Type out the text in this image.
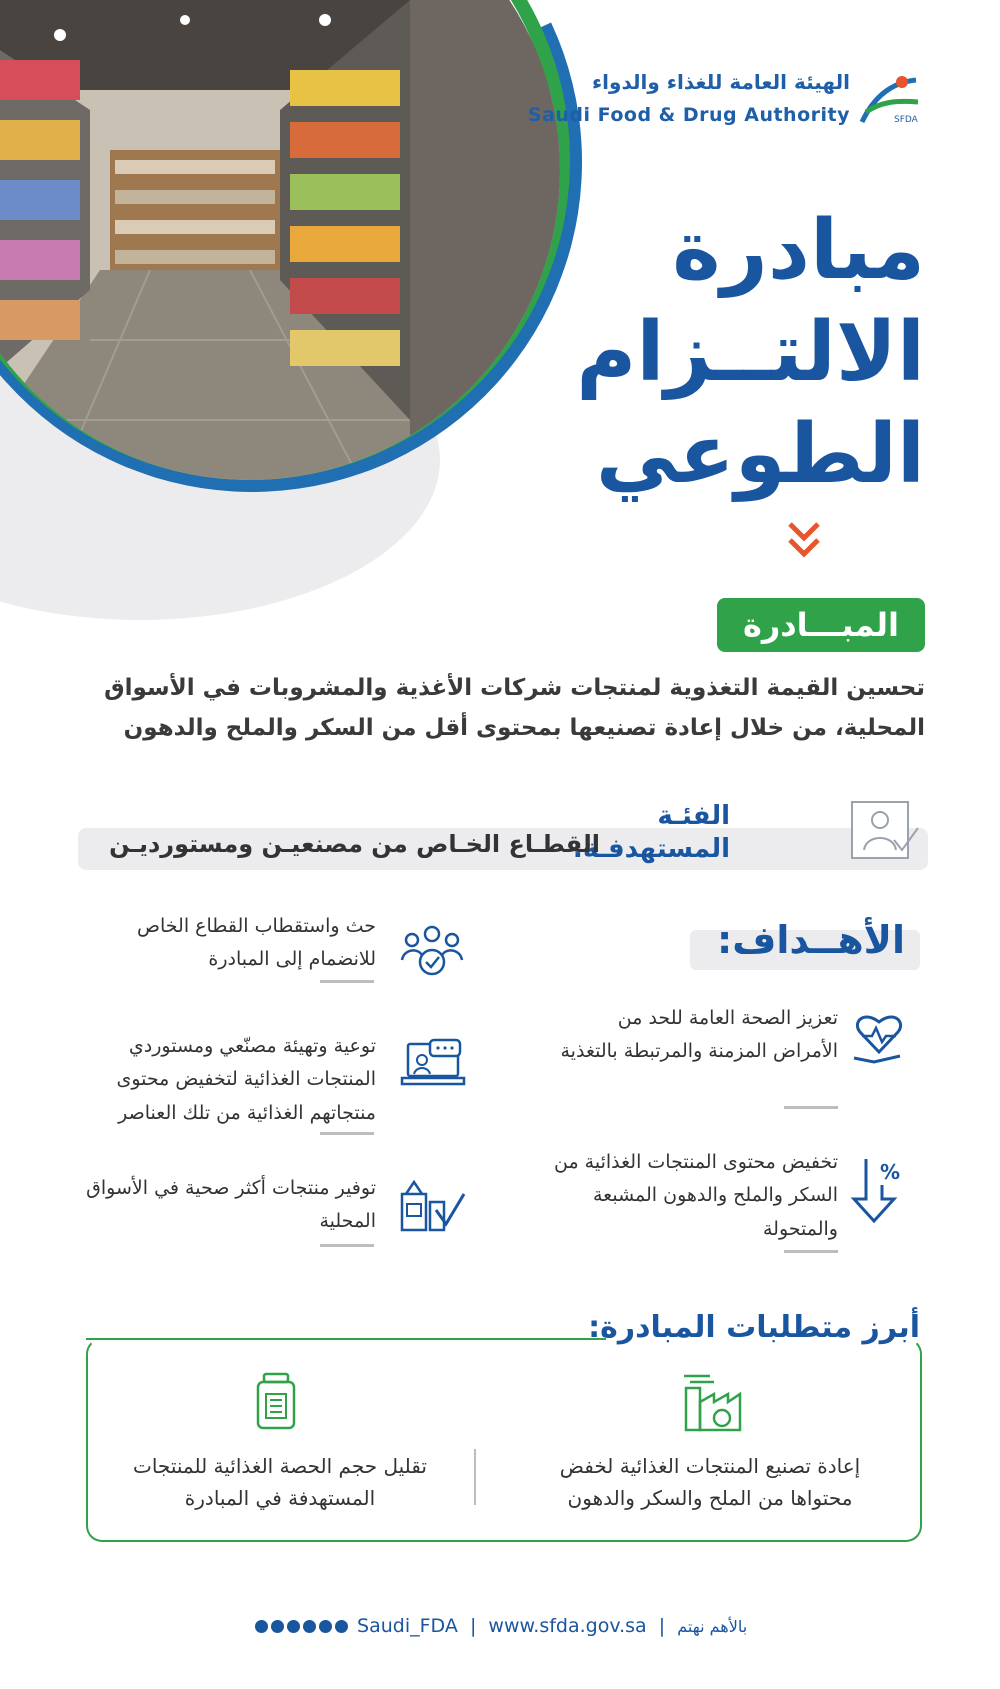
SFDA
الهيئة العامة للغذاء والدواء
Saudi Food & Drug Authority
مبادرة
الالتــزام
الطوعي
المبـــادرة
تحسين القيمة التغذوية لمنتجات شركات الأغذية والمشروبات في الأسواق المحلية، من خلال إعادة تصنيعها بمحتوى أقل من السكر والملح والدهون
الفئـة
المستهدفـة:
القطـاع الخـاص من مصنعيـن ومستورديـن
الأهــداف:
تعزيز الصحة العامة للحد من الأمراض المزمنة والمرتبطة بالتغذية
%
تخفيض محتوى المنتجات الغذائية من السكر والملح والدهون المشبعة والمتحولة
حث واستقطاب القطاع الخاص للانضمام إلى المبادرة
توعية وتهيئة مصنّعي ومستوردي المنتجات الغذائية لتخفيض محتوى منتجاتهم الغذائية من تلك العناصر
توفير منتجات أكثر صحية في الأسواق المحلية
أبرز متطلبات المبادرة:
إعادة تصنيع المنتجات الغذائية لخفض محتواها من الملح والسكر والدهون
تقليل حجم الحصة الغذائية للمنتجات المستهدفة في المبادرة
Saudi_FDA  |  www.sfda.gov.sa  |  بالأهم نهتم
